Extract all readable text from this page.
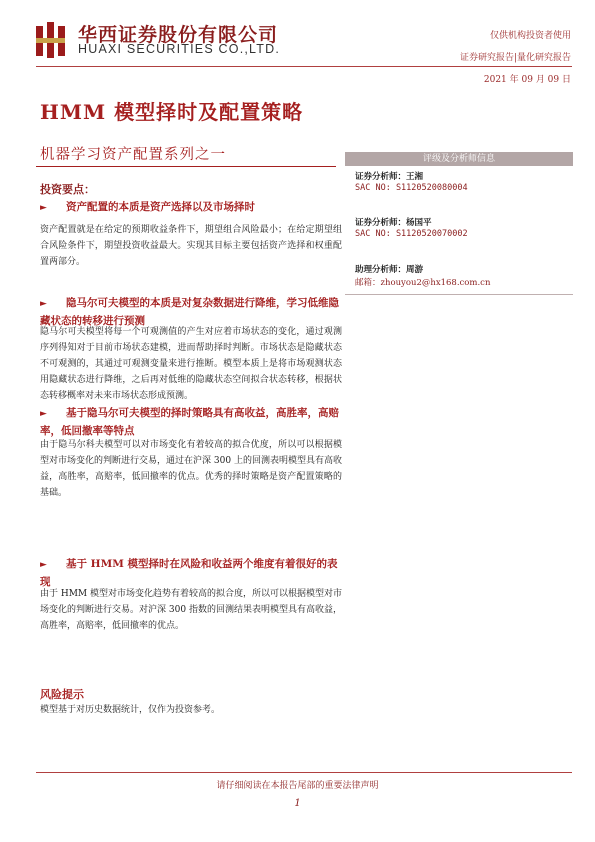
华西证券股份有限公司
HUAXI SECURITIES CO.,LTD.
仅供机构投资者使用
证券研究报告|量化研究报告
2021 年 09 月 09 日
HMM 模型择时及配置策略
机器学习资产配置系列之一	评级及分析师信息
证券分析师：王湘
SAC NO: S1120520080004
证券分析师：杨国平
SAC NO: S1120520070002
助理分析师：周游
邮箱：zhouyou2@hx168.com.cn
投资要点：
► 资产配置的本质是资产选择以及市场择时
资产配置就是在给定的预期收益条件下，期望组合风险最小；在给定期望组合风险条件下，期望投资收益最大。实现其目标主要包括资产选择和权重配置两部分。
► 隐马尔可夫模型的本质是对复杂数据进行降维，学习低维隐藏状态的转移进行预测
隐马尔可夫模型将每一个可观测值的产生对应着市场状态的变化，通过观测序列得知对于目前市场状态建模，进而帮助择时判断。市场状态是隐藏状态不可观测的，其通过可观测变量来进行推断。模型本质上是将市场观测状态用隐藏状态进行降维，之后再对低维的隐藏状态空间拟合状态转移，根据状态转移概率对未来市场状态形成预测。
► 基于隐马尔可夫模型的择时策略具有高收益，高胜率，高赔率，低回撤率等特点
由于隐马尔科夫模型可以对市场变化有着较高的拟合优度，所以可以根据模型对市场变化的判断进行交易，通过在沪深 300 上的回测表明模型具有高收益，高胜率，高赔率，低回撤率的优点。优秀的择时策略是资产配置策略的基础。
► 基于 HMM 模型择时在风险和收益两个维度有着很好的表现
由于 HMM 模型对市场变化趋势有着较高的拟合度，所以可以根据模型对市场变化的判断进行交易。对沪深 300 指数的回测结果表明模型具有高收益，高胜率，高赔率，低回撤率的优点。
风险提示
模型基于对历史数据统计，仅作为投资参考。
请仔细阅读在本报告尾部的重要法律声明
1
